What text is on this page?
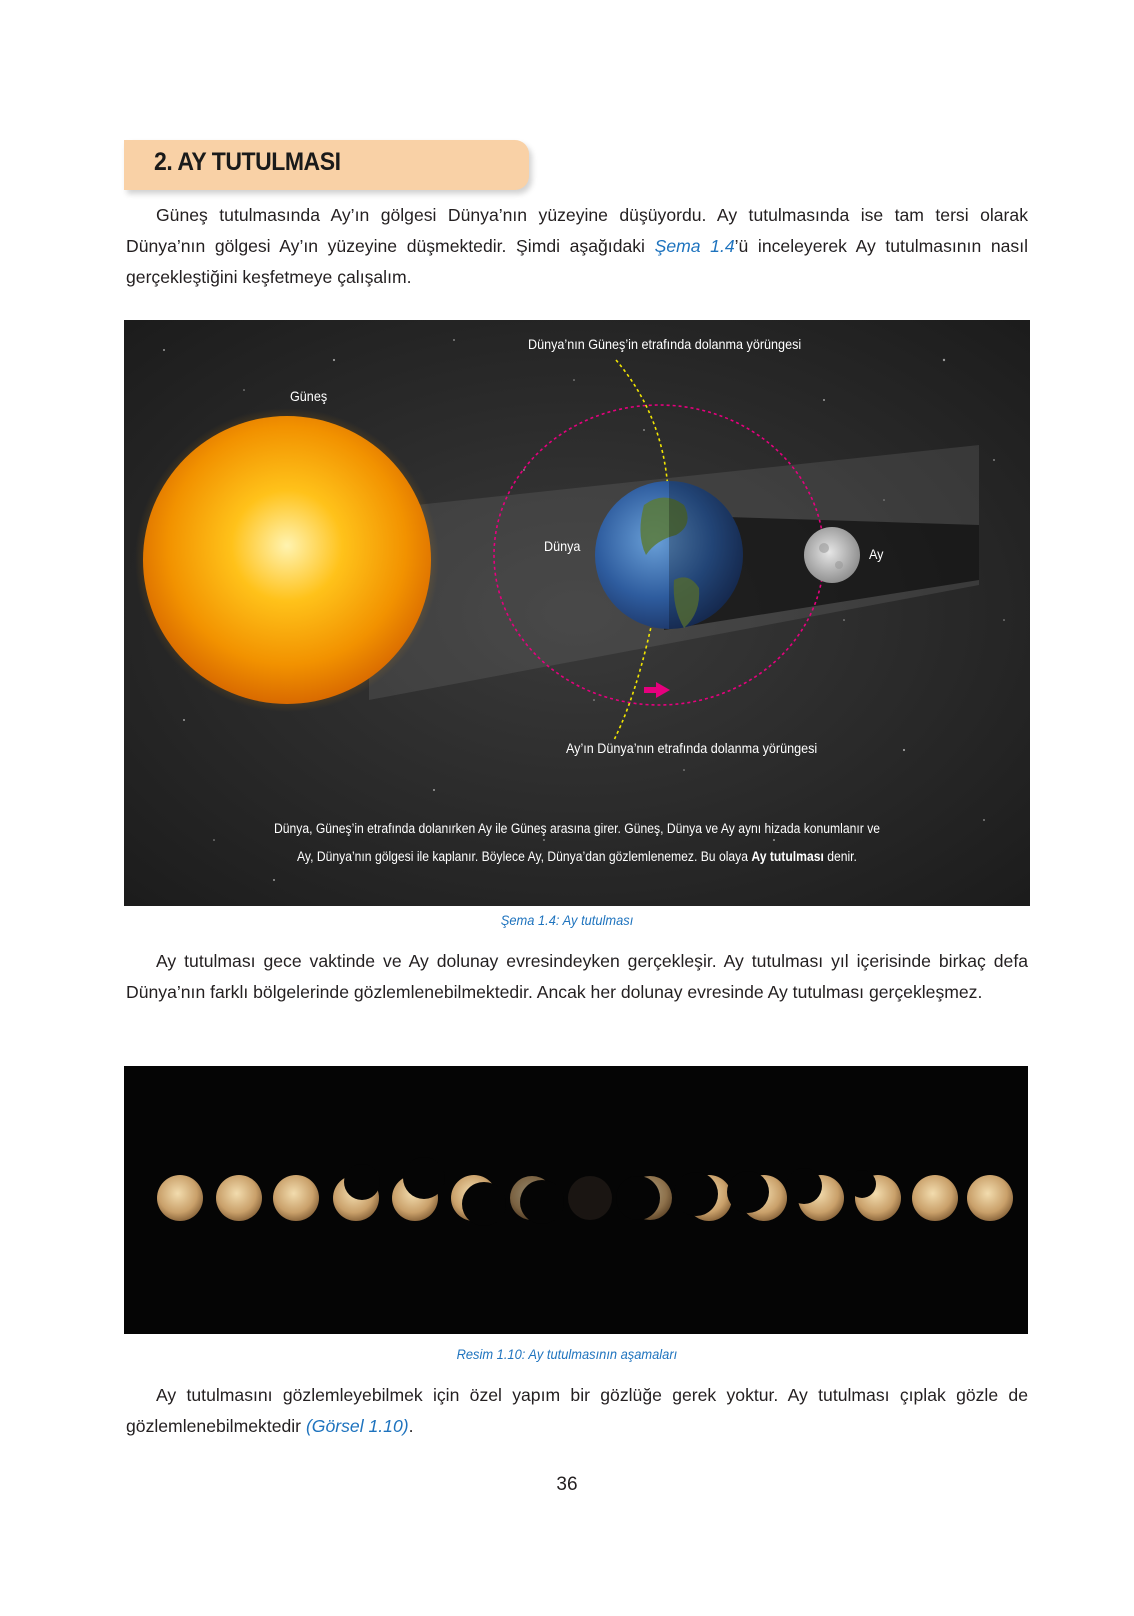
2. AY TUTULMASI

Güneş tutulmasında Ay’ın gölgesi Dünya’nın yüzeyine düşüyordu. Ay tutulmasında ise tam tersi olarak Dünya’nın gölgesi Ay’ın yüzeyine düşmektedir. Şimdi aşağıdaki Şema 1.4’ü inceleyerek Ay tutulmasının nasıl gerçekleştiğini keşfetmeye çalışalım.

Dünya’nın Güneş’in etrafında dolanma yörüngesi
Güneş
Dünya	Ay
Ay’ın Dünya’nın etrafında dolanma yörüngesi
Dünya, Güneş’in etrafında dolanırken Ay ile Güneş arasına girer. Güneş, Dünya ve Ay aynı hizada konumlanır ve
Ay, Dünya’nın gölgesi ile kaplanır. Böylece Ay, Dünya’dan gözlemlenemez. Bu olaya Ay tutulması denir.
Şema 1.4: Ay tutulması

Ay tutulması gece vaktinde ve Ay dolunay evresindeyken gerçekleşir. Ay tutulması yıl içerisinde birkaç defa Dünya’nın farklı bölgelerinde gözlemlenebilmektedir. Ancak her dolunay evresinde Ay tutulması gerçekleşmez.

Resim 1.10: Ay tutulmasının aşamaları

Ay tutulmasını gözlemleyebilmek için özel yapım bir gözlüğe gerek yoktur. Ay tutulması çıplak gözle de gözlemlenebilmektedir (Görsel 1.10).

36
